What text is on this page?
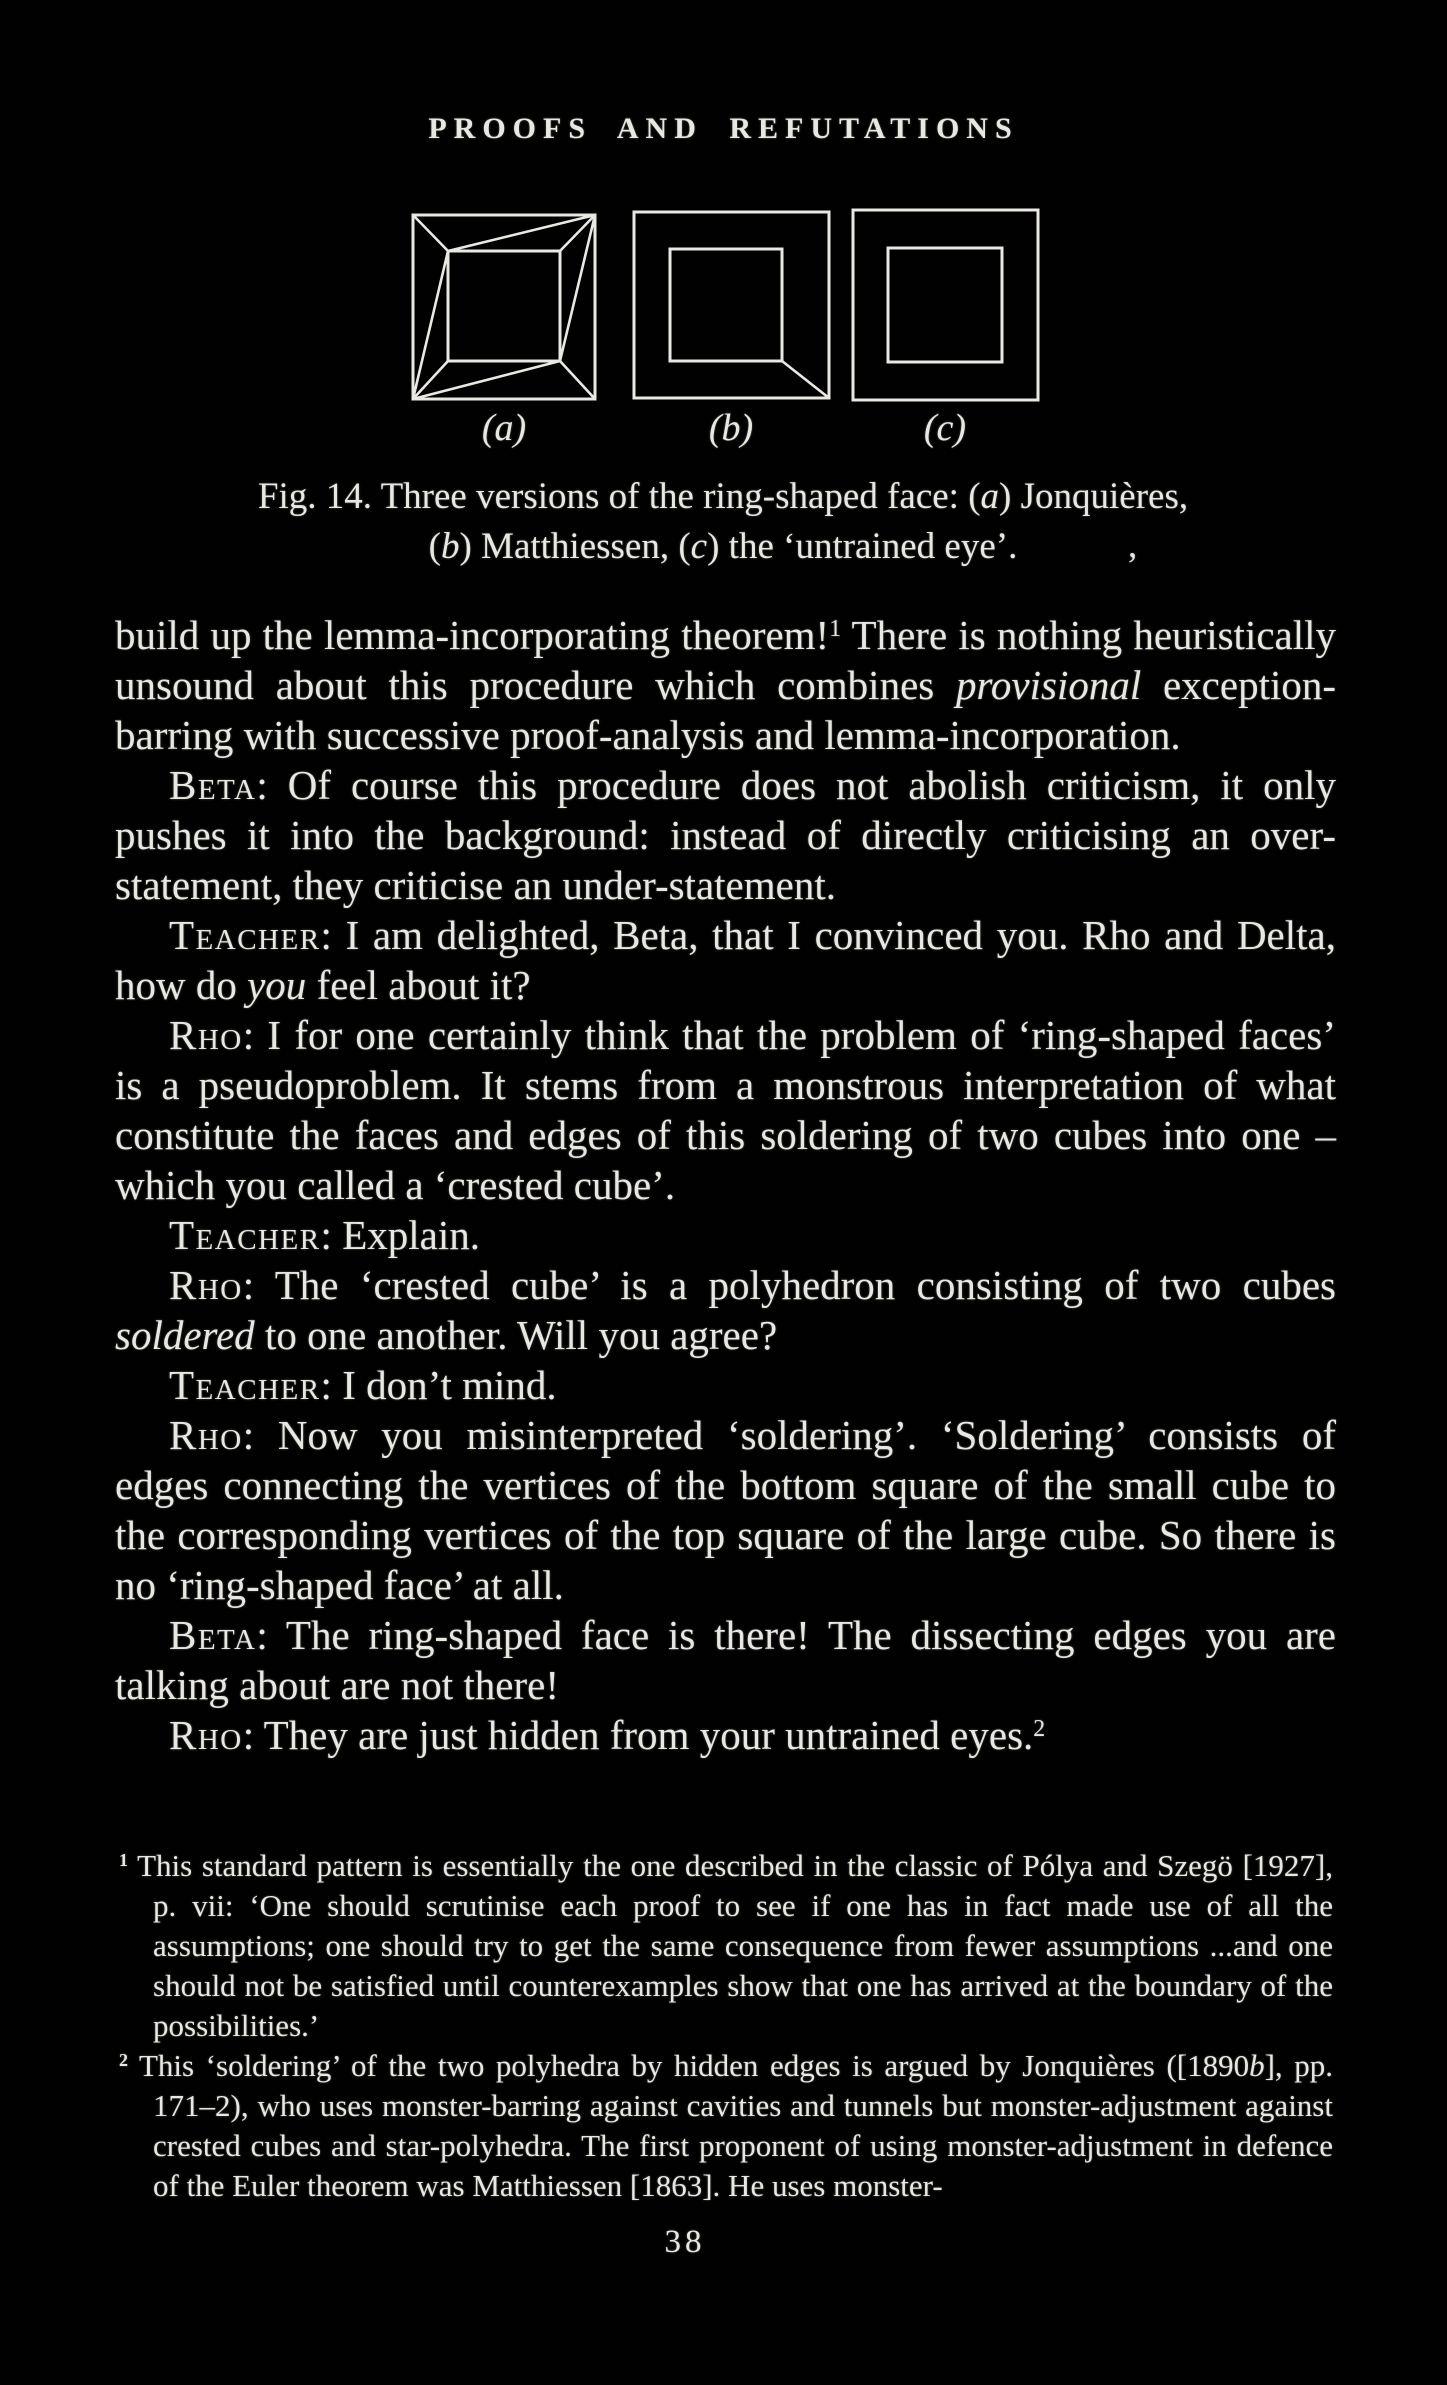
PROOFS AND REFUTATIONS
(a)	(b)	(c)

Fig. 14. Three versions of the ring-shaped face: (a) Jonquières,

(b) Matthiessen, (c) the ‘untrained eye’.	,

build up the lemma-incorporating theorem!$^1$ There is nothing heuristically unsound about this procedure which combines provisional exception-barring with successive proof-analysis and lemma-incorporation.

Beta: Of course this procedure does not abolish criticism, it only pushes it into the background: instead of directly criticising an over-statement, they criticise an under-statement.

Teacher: I am delighted, Beta, that I convinced you. Rho and Delta, how do you feel about it?

Rho: I for one certainly think that the problem of ‘ring-shaped faces’ is a pseudoproblem. It stems from a monstrous interpretation of what constitute the faces and edges of this soldering of two cubes into one – which you called a ‘crested cube’.

Teacher: Explain.

Rho: The ‘crested cube’ is a polyhedron consisting of two cubes soldered to one another. Will you agree?

Teacher: I don’t mind.

Rho: Now you misinterpreted ‘soldering’. ‘Soldering’ consists of edges connecting the vertices of the bottom square of the small cube to the corresponding vertices of the top square of the large cube. So there is no ‘ring-shaped face’ at all.

Beta: The ring-shaped face is there! The dissecting edges you are talking about are not there!

Rho: They are just hidden from your untrained eyes.$^2$

$^1$ This standard pattern is essentially the one described in the classic of Pólya and Szegö [1927], p. vii: ‘One should scrutinise each proof to see if one has in fact made use of all the assumptions; one should try to get the same consequence from fewer assumptions ...and one should not be satisfied until counterexamples show that one has arrived at the boundary of the possibilities.’

$^2$ This ‘soldering’ of the two polyhedra by hidden edges is argued by Jonquières ([1890b], pp. 171–2), who uses monster-barring against cavities and tunnels but monster-adjustment against crested cubes and star-polyhedra. The first proponent of using monster-adjustment in defence of the Euler theorem was Matthiessen [1863]. He uses monster-

38
